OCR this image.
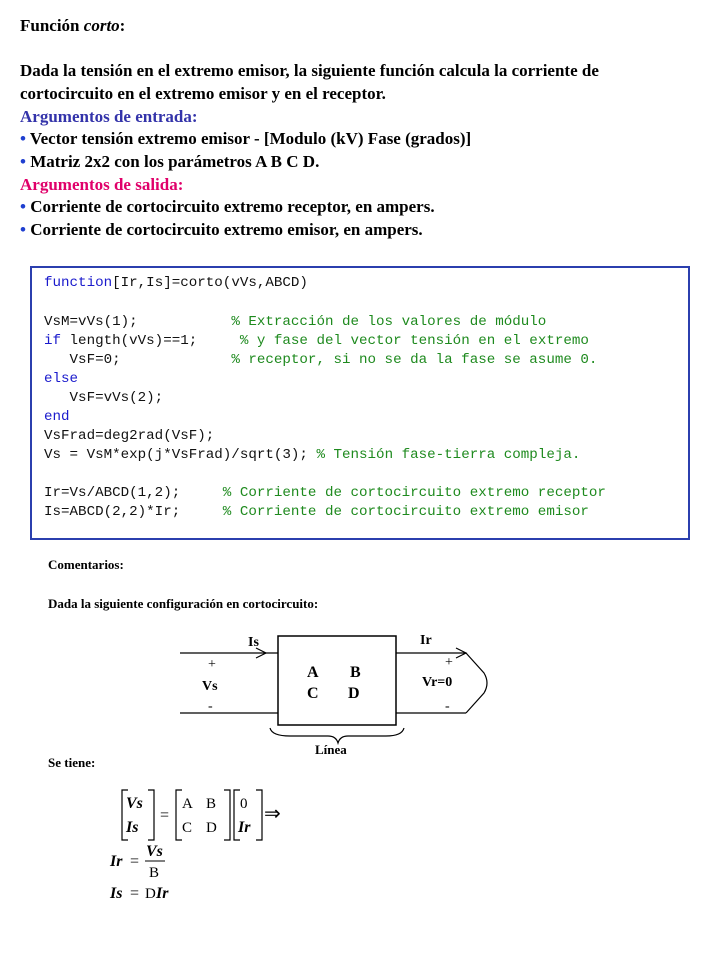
Función corto:
Dada la tensión en el extremo emisor, la siguiente función calcula la corriente de
cortocircuito en el extremo emisor y en el receptor.
Argumentos de entrada:
• Vector tensión extremo emisor - [Modulo (kV) Fase (grados)]
• Matriz 2x2 con los parámetros A B C D.
Argumentos de salida:
• Corriente de cortocircuito extremo receptor, en ampers.
• Corriente de cortocircuito extremo emisor, en ampers.
function[Ir,Is]=corto(vVs,ABCD)
VsM=vVs(1);           % Extracción de los valores de módulo
if length(vVs)==1;     % y fase del vector tensión en el extremo
VsF=0;             % receptor, si no se da la fase se asume 0.
else
VsF=vVs(2);
end
VsFrad=deg2rad(VsF);
Vs = VsM*exp(j*VsFrad)/sqrt(3); % Tensión fase-tierra compleja.
Ir=Vs/ABCD(1,2);     % Corriente de cortocircuito extremo receptor
Is=ABCD(2,2)*Ir;     % Corriente de cortocircuito extremo emisor
Comentarios:
Dada la siguiente configuración en cortocircuito:
Is	Ir
+
-
Vs
+
-
Vr=0
A B
C D
Línea
Se tiene:
Vs
Is
=
A B
C D
0
Ir
⇒
Ir =
Vs
B
Is = D Ir
